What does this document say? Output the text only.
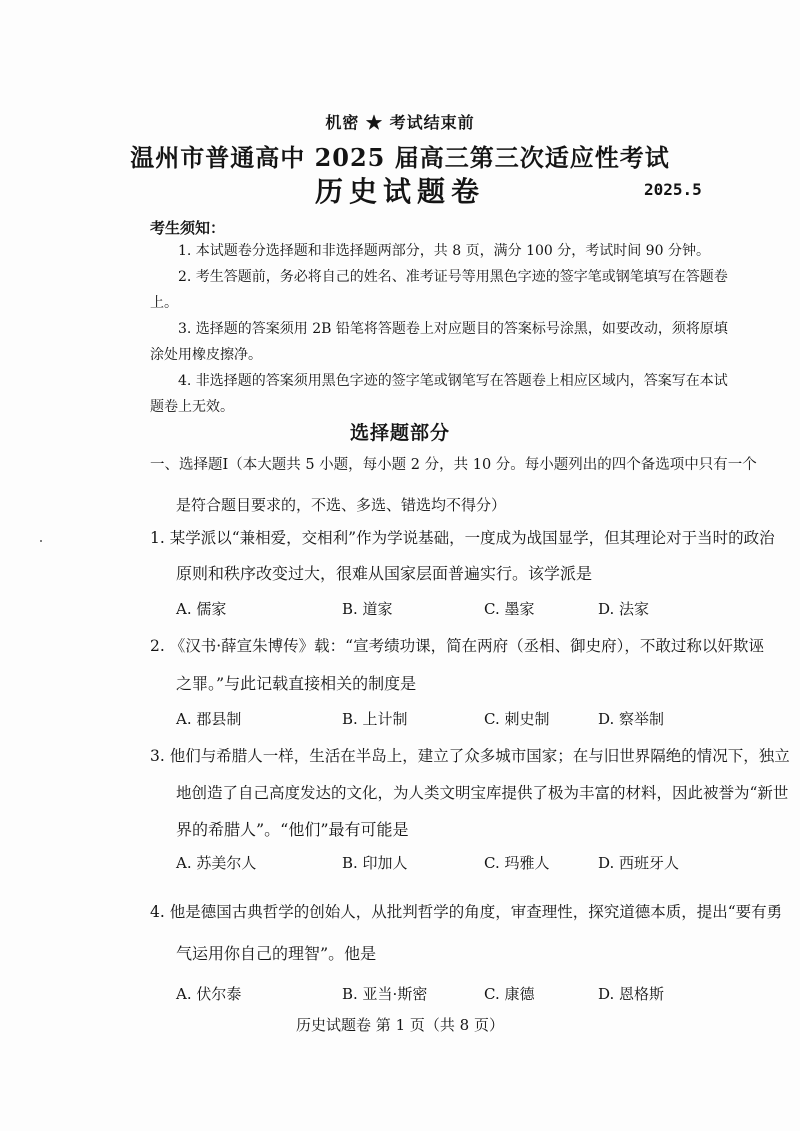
机密 ★ 考试结束前
温州市普通高中 2025 届高三第三次适应性考试
历史试题卷	2025.5
考生须知：
1. 本试题卷分选择题和非选择题两部分，共 8 页，满分 100 分，考试时间 90 分钟。
2. 考生答题前，务必将自己的姓名、准考证号等用黑色字迹的签字笔或钢笔填写在答题卷
上。
3. 选择题的答案须用 2B 铅笔将答题卷上对应题目的答案标号涂黑，如要改动，须将原填
涂处用橡皮擦净。
4. 非选择题的答案须用黑色字迹的签字笔或钢笔写在答题卷上相应区域内，答案写在本试
题卷上无效。
选择题部分
一、选择题Ⅰ（本大题共 5 小题，每小题 2 分，共 10 分。每小题列出的四个备选项中只有一个
是符合题目要求的，不选、多选、错选均不得分）
1. 某学派以“兼相爱，交相利”作为学说基础，一度成为战国显学，但其理论对于当时的政治
原则和秩序改变过大，很难从国家层面普遍实行。该学派是
A. 儒家	B. 道家	C. 墨家	D. 法家
2. 《汉书·薛宣朱博传》载：“宣考绩功课，简在两府（丞相、御史府），不敢过称以奸欺诬
之罪。”与此记载直接相关的制度是
A. 郡县制	B. 上计制	C. 刺史制	D. 察举制
3. 他们与希腊人一样，生活在半岛上，建立了众多城市国家；在与旧世界隔绝的情况下，独立
地创造了自己高度发达的文化，为人类文明宝库提供了极为丰富的材料，因此被誉为“新世
界的希腊人”。“他们”最有可能是
A. 苏美尔人	B. 印加人	C. 玛雅人	D. 西班牙人
4. 他是德国古典哲学的创始人，从批判哲学的角度，审查理性，探究道德本质，提出“要有勇
气运用你自己的理智”。他是
A. 伏尔泰	B. 亚当·斯密	C. 康德	D. 恩格斯
历史试题卷 第 1 页（共 8 页）
